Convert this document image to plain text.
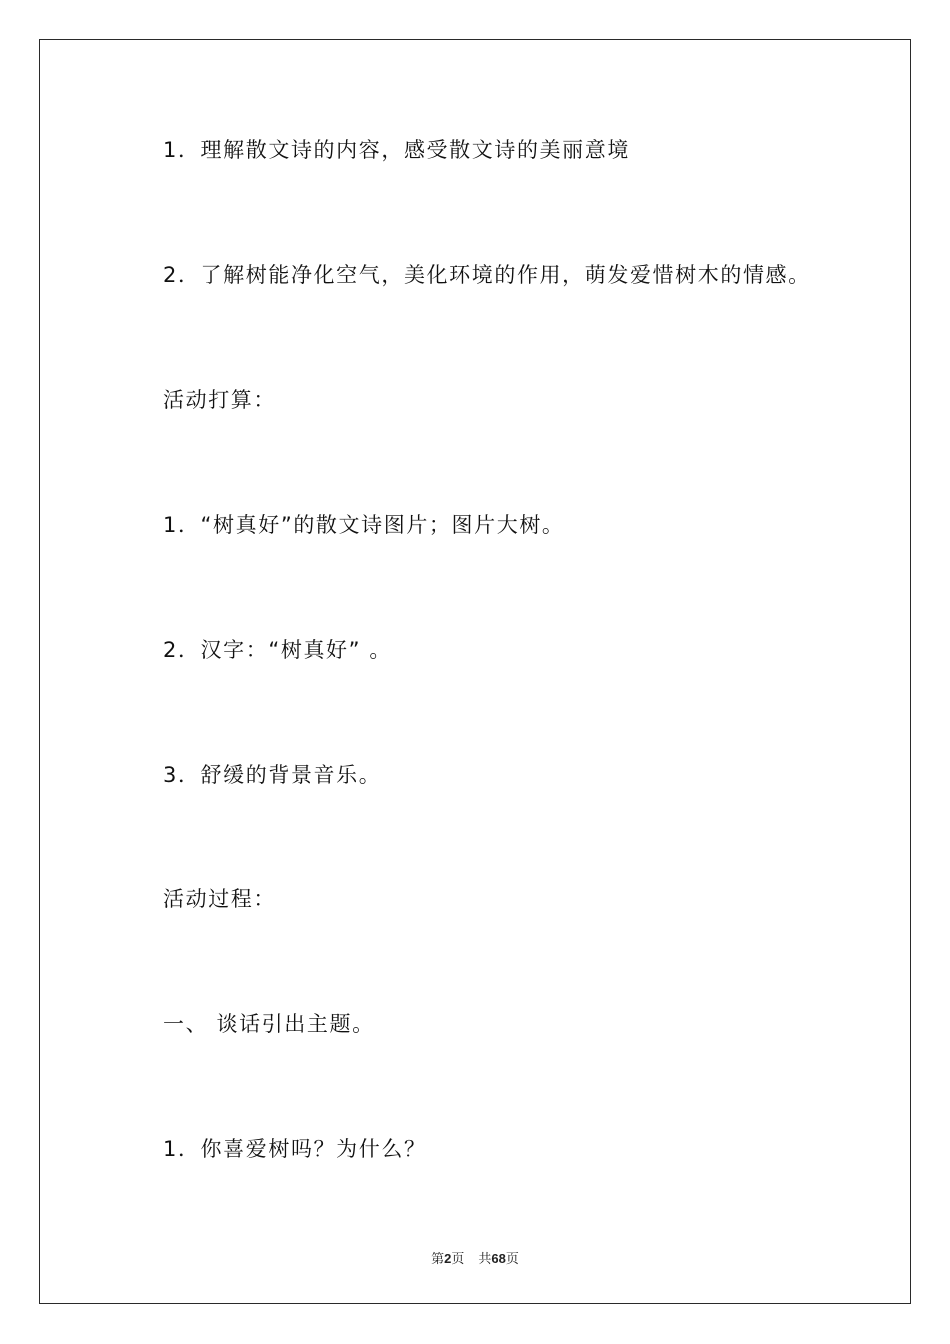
1．理解散文诗的内容，感受散文诗的美丽意境
2．了解树能净化空气，美化环境的作用，萌发爱惜树木的情感。
活动打算：
1．“树真好”的散文诗图片；图片大树。
2．汉字：“树真好” 。
3．舒缓的背景音乐。
活动过程：
一、 谈话引出主题。
1．你喜爱树吗？为什么？
第2页 共68页
